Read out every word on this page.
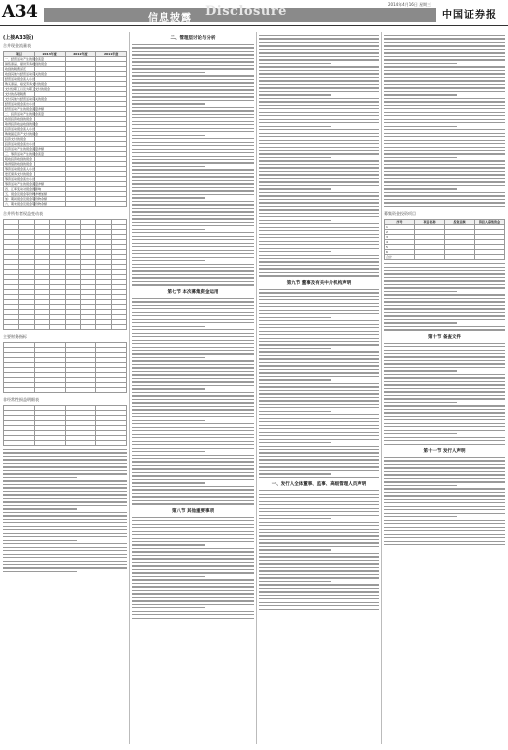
A34	信息披露 Disclosure	2014年4月16日 星期三
中国证券报
(上接A33版)
合并现金流量表
项目	2013年度	2012年度	2011年度
一、经营活动产生的现金流量			
销售商品、提供劳务收到的现金			
收到的税费返还			
收到其他与经营活动有关的现金			
经营活动现金流入小计			
购买商品、接受劳务支付的现金			
支付给职工以及为职工支付的现金			
支付的各项税费			
支付其他与经营活动有关的现金			
经营活动现金流出小计			
经营活动产生的现金流量净额			
二、投资活动产生的现金流量			
收回投资收到的现金			
取得投资收益收到的现金			
投资活动现金流入小计			
购建固定资产支付的现金			
投资支付的现金			
投资活动现金流出小计			
投资活动产生的现金流量净额			
三、筹资活动产生的现金流量			
吸收投资收到的现金			
取得借款收到的现金			
筹资活动现金流入小计			
偿还债务支付的现金			
筹资活动现金流出小计			
筹资活动产生的现金流量净额			
四、汇率变动对现金的影响			
五、现金及现金等价物净增加额			
加：期初现金及现金等价物余额			
六、期末现金及现金等价物余额			
合并所有者权益变动表

主要财务指标

非经常性损益明细表

二、管理层讨论与分析
第七节 本次募集资金运用
第八节 其他重要事项
第九节 董事及有关中介机构声明
一、发行人全体董事、监事、高级管理人员声明
募集资金投资项目
序号	项目名称	投资总额	拟投入募集资金
1			
2			
3			
4			
5			
6			
合计			
第十节 备查文件
第十一节 发行人声明
